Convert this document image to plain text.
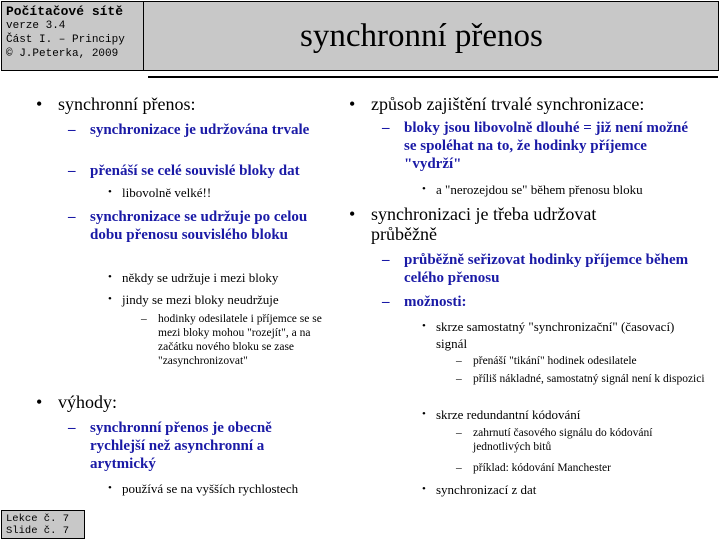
Počítačové sítě
verze 3.4
Část I. – Principy
© J.Peterka, 2009	synchronní přenos
• synchronní přenos:
– synchronizace je udržována trvale
– přenáší se celé souvislé bloky dat
• libovolně velké!!
– synchronizace se udržuje po celou dobu přenosu souvislého bloku
• někdy se udržuje i mezi bloky
• jindy se mezi bloky neudržuje
– hodinky odesilatele i příjemce se se mezi bloky mohou "rozejít", a na začátku nového bloku se zase "zasynchronizovat"
• výhody:
– synchronní přenos je obecně rychlejší než asynchronní a arytmický
• používá se na vyšších rychlostech
• způsob zajištění trvalé synchronizace:
– bloky jsou libovolně dlouhé = již není možné se spoléhat na to, že hodinky příjemce "vydrží"
• a "nerozejdou se" během přenosu bloku
• synchronizaci je třeba udržovat průběžně
– průběžně seřizovat hodinky příjemce během celého přenosu
– možnosti:
• skrze samostatný "synchronizační" (časovací) signál
– přenáší "tikání" hodinek odesilatele
– příliš nákladné, samostatný signál není k dispozici
• skrze redundantní kódování
– zahrnutí časového signálu do kódování jednotlivých bitů
– příklad: kódování Manchester
• synchronizací z dat
Lekce č. 7
Slide č. 7
